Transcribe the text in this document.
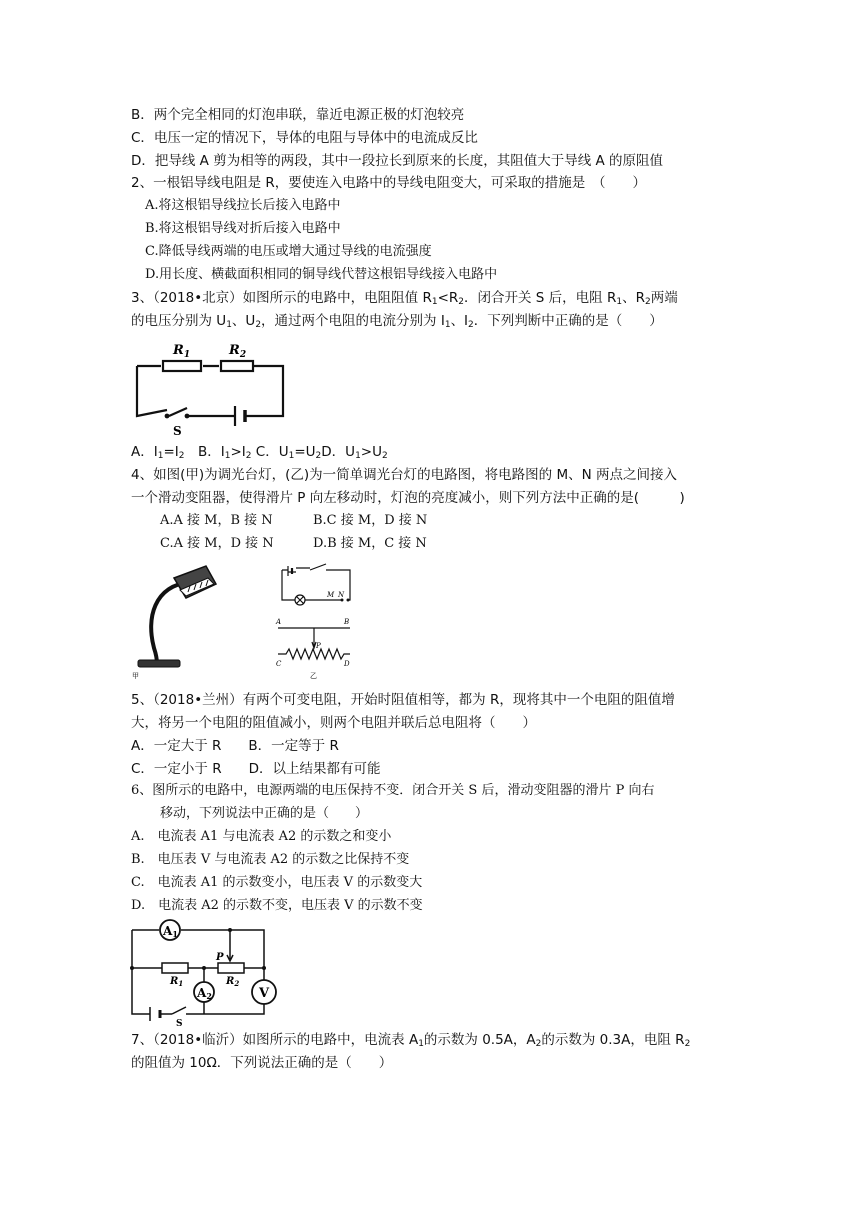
B．两个完全相同的灯泡串联，靠近电源正极的灯泡较亮
C．电压一定的情况下，导体的电阻与导体中的电流成反比
D．把导线 A 剪为相等的两段，其中一段拉长到原来的长度，其阻值大于导线 A 的原阻值
2、一根铝导线电阻是 R，要使连入电路中的导线电阻变大，可采取的措施是　（　　）
A.将这根铝导线拉长后接入电路中
B.将这根铝导线对折后接入电路中
C.降低导线两端的电压或增大通过导线的电流强度
D.用长度、横截面积相同的铜导线代替这根铝导线接入电路中
3、（2018•北京）如图所示的电路中，电阻阻值 $R_1<R_2$．闭合开关 S 后，电阻 $R_1$、$R_2$两端
的电压分别为 $U_1$、$U_2$，通过两个电阻的电流分别为 $I_1$、$I_2$．下列判断中正确的是（　　）
$R_1$	$R_2$
S
A．$I_1=I_2$　B．$I_1>I_2$ C．$U_1=U_2D$．$U_1>U_2$
4、如图(甲)为调光台灯，(乙)为一简单调光台灯的电路图，将电路图的 M、N 两点之间接入
一个滑动变阻器，使得滑片 P 向左移动时，灯泡的亮度减小，则下列方法中正确的是(　　　)
A.A 接 M，B 接 N	B.C 接 M，D 接 N
C.A 接 M，D 接 N	D.B 接 M，C 接 N
甲
M N
A	B
P
C	D
乙
5、（2018•兰州）有两个可变电阻，开始时阻值相等，都为 R，现将其中一个电阻的阻值增
大，将另一个电阻的阻值减小，则两个电阻并联后总电阻将（　　）
A．一定大于 R　　B．一定等于 R
C．一定小于 R　　D．以上结果都有可能
6、图所示的电路中，电源两端的电压保持不变．闭合开关 S 后，滑动变阻器的滑片 P 向右
移动，下列说法中正确的是（　　）
A.　电流表 A1 与电流表 A2 的示数之和变小
B.　电压表 V 与电流表 A2 的示数之比保持不变
C.　电流表 A1 的示数变小，电压表 V 的示数变大
D.　电流表 A2 的示数不变，电压表 V 的示数不变
A1
A2	V
$R_1$	$R_2$
P
S
7、（2018•临沂）如图所示的电路中，电流表 $A_1$的示数为 0.5A，$A_2$的示数为 0.3A，电阻 $R_2$
的阻值为 10Ω．下列说法正确的是（　　）
